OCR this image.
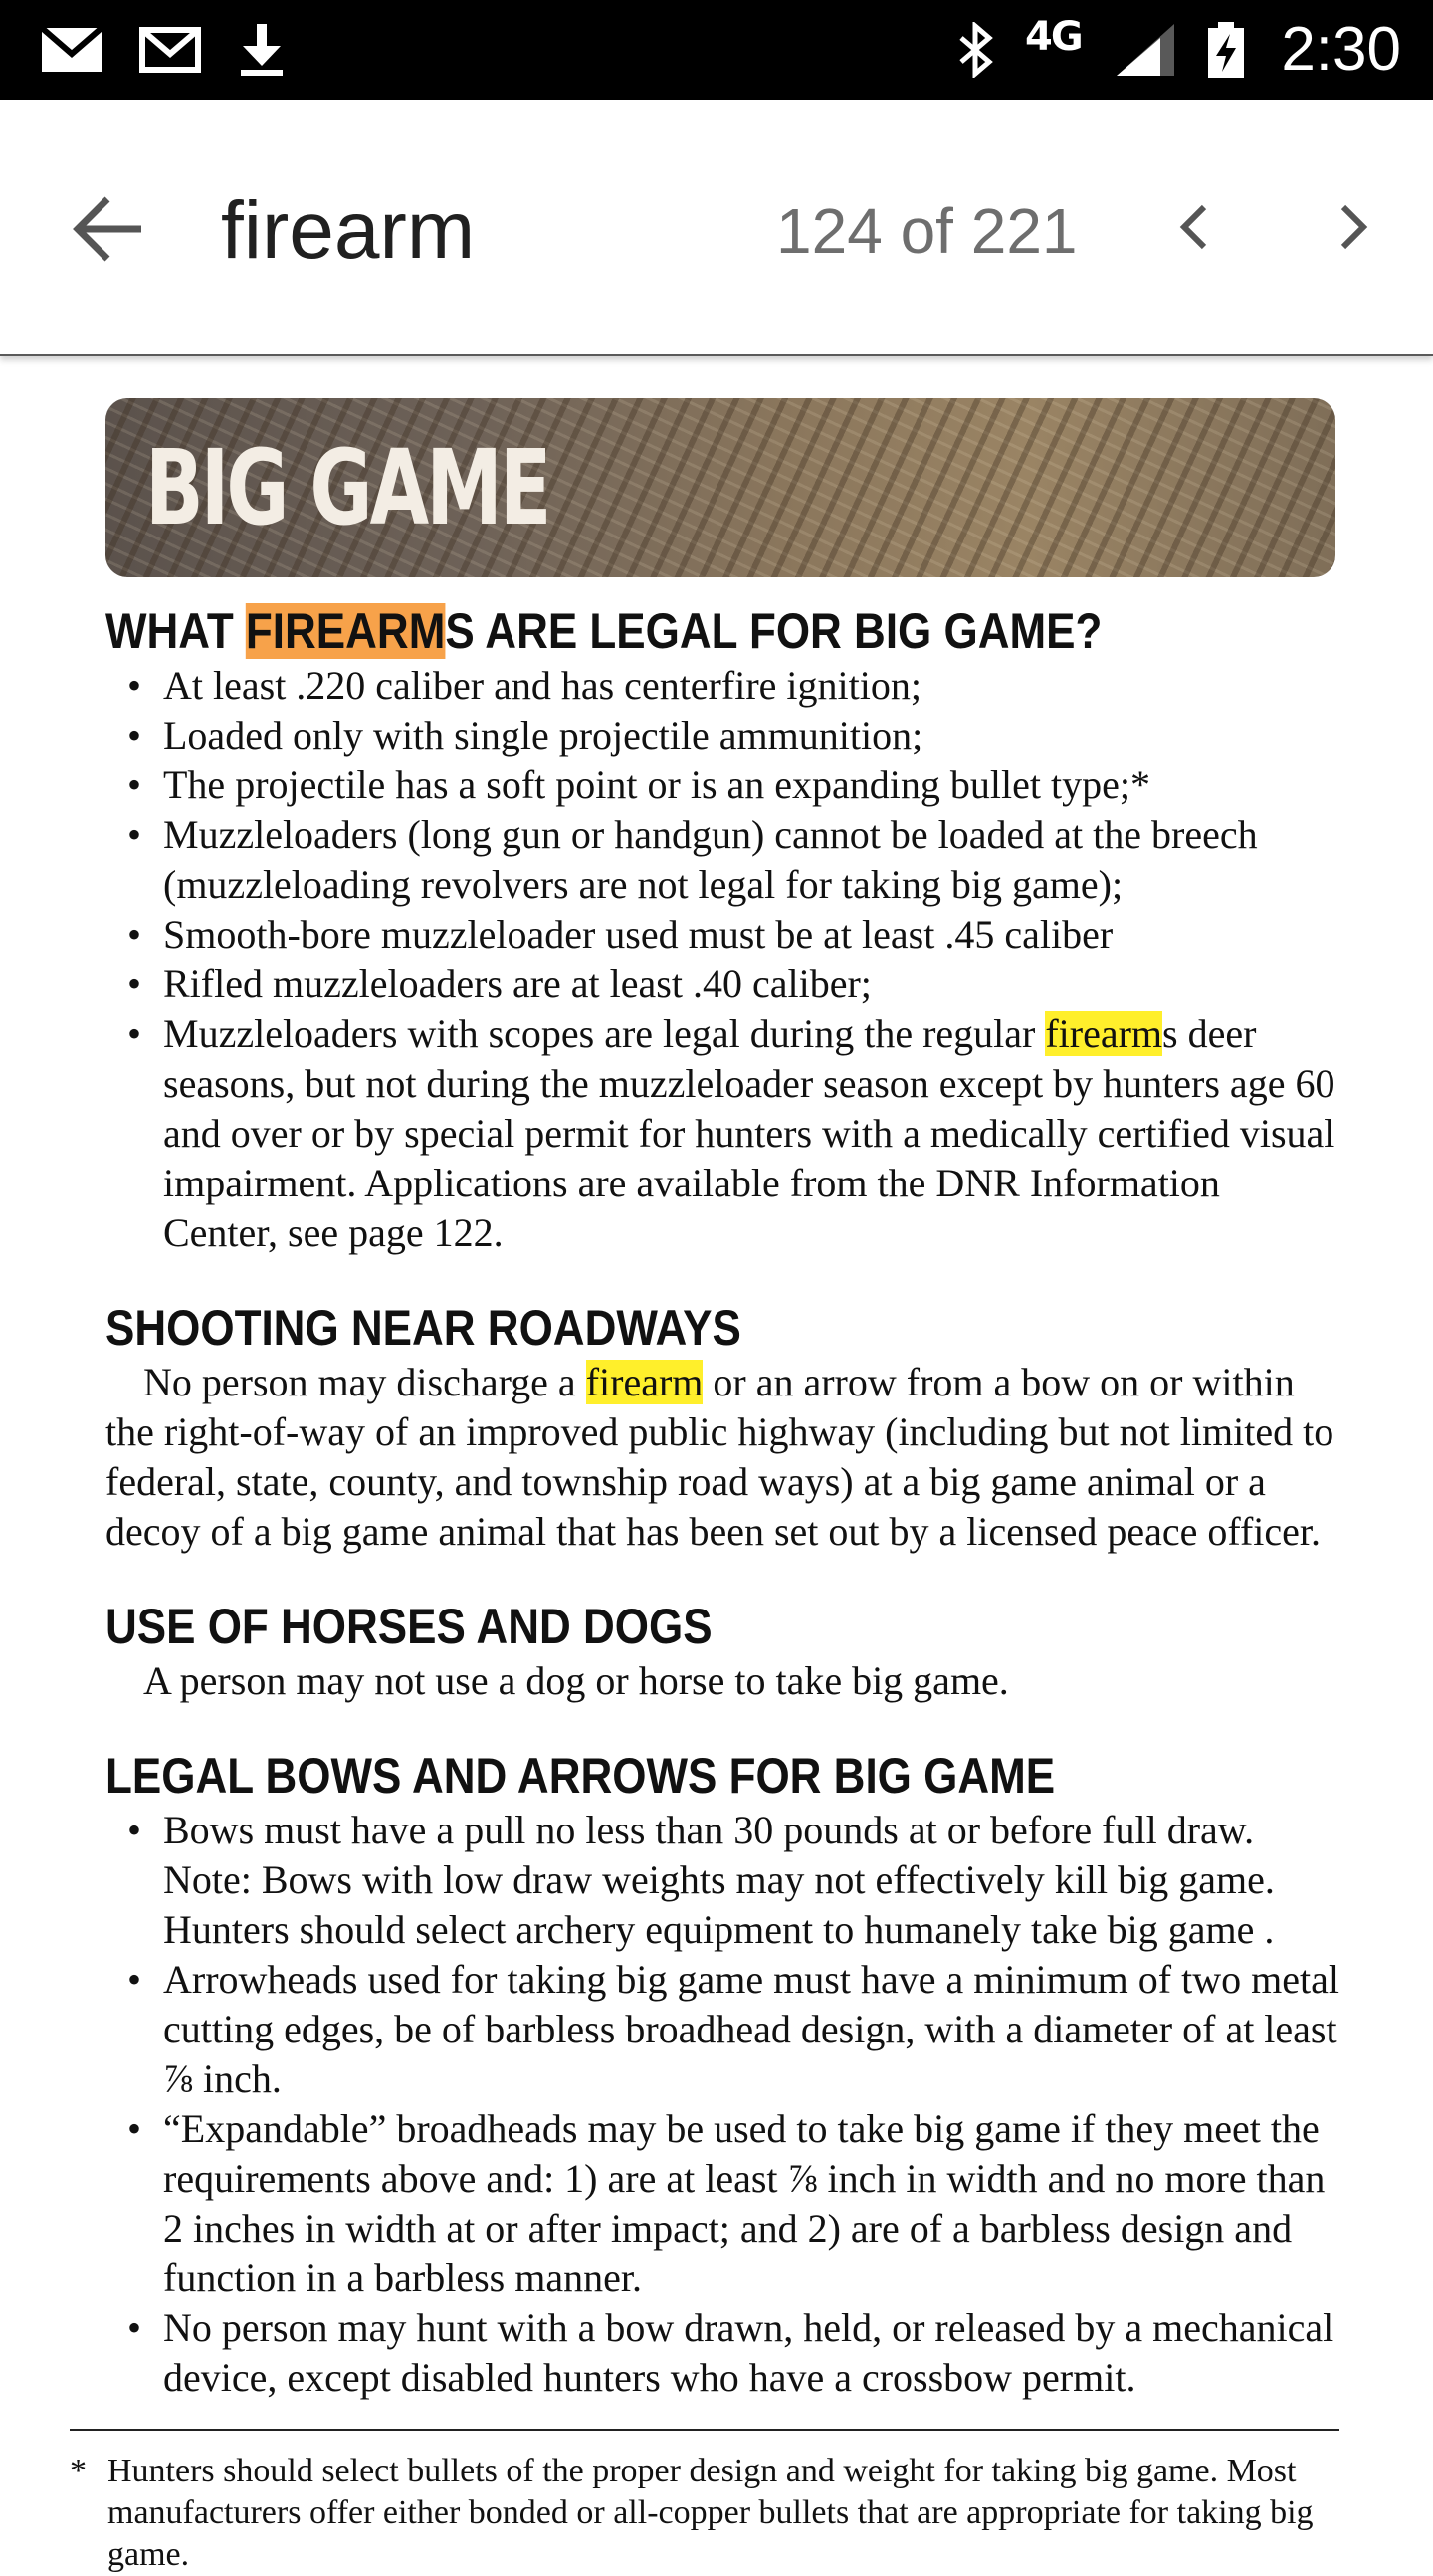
4G	2:30
firearm	124 of 221
BIG GAME
WHAT FIREARMS ARE LEGAL FOR BIG GAME?
• At least .220 caliber and has centerfire ignition;
• Loaded only with single projectile ammunition;
• The projectile has a soft point or is an expanding bullet type;*
• Muzzleloaders (long gun or handgun) cannot be loaded at the breech (muzzleloading revolvers are not legal for taking big game);
• Smooth-bore muzzleloader used must be at least .45 caliber
• Rifled muzzleloaders are at least .40 caliber;
• Muzzleloaders with scopes are legal during the regular firearms deer seasons, but not during the muzzleloader season except by hunters age 60 and over or by special permit for hunters with a medically certified visual impairment. Applications are available from the DNR Information Center, see page 122.
SHOOTING NEAR ROADWAYS
No person may discharge a firearm or an arrow from a bow on or within the right-of-way of an improved public highway (including but not limited to federal, state, county, and township road ways) at a big game animal or a decoy of a big game animal that has been set out by a licensed peace officer.
USE OF HORSES AND DOGS
A person may not use a dog or horse to take big game.
LEGAL BOWS AND ARROWS FOR BIG GAME
• Bows must have a pull no less than 30 pounds at or before full draw. Note: Bows with low draw weights may not effectively kill big game. Hunters should select archery equipment to humanely take big game .
• Arrowheads used for taking big game must have a minimum of two metal cutting edges, be of barbless broadhead design, with a diameter of at least ⅞ inch.
• “Expandable” broadheads may be used to take big game if they meet the requirements above and: 1) are at least ⅞ inch in width and no more than 2 inches in width at or after impact; and 2) are of a barbless design and function in a barbless manner.
• No person may hunt with a bow drawn, held, or released by a mechanical device, except disabled hunters who have a crossbow permit.
* Hunters should select bullets of the proper design and weight for taking big game. Most manufacturers offer either bonded or all-copper bullets that are appropriate for taking big game.
